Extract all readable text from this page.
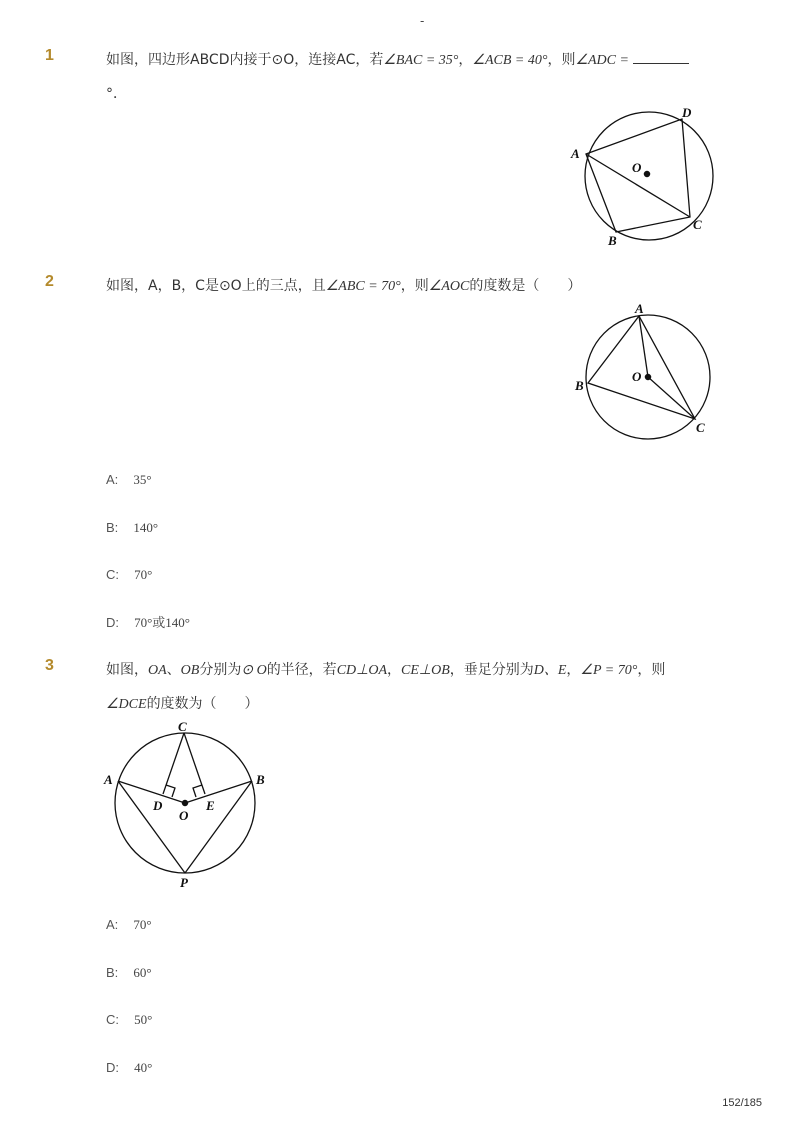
-
1	如图，四边形ABCD内接于⊙O，连接AC，若∠BAC = 35°，∠ACB = 40°，则∠ADC =
°．
A
D
C
B
O
2	如图，A，B，C是⊙O上的三点，且∠ABC = 70°，则∠AOC的度数是（　　）
A
B
C
O
A: 35°
B: 140°
C: 70°
D: 70°或140°
3	如图，OA、OB分别为⊙ O的半径，若CD⊥OA，CE⊥OB，垂足分别为D、E，∠P = 70°，则
∠DCE的度数为（　　）
C
A	B
D	E
O
P
A: 70°
B: 60°
C: 50°
D: 40°
152/185
